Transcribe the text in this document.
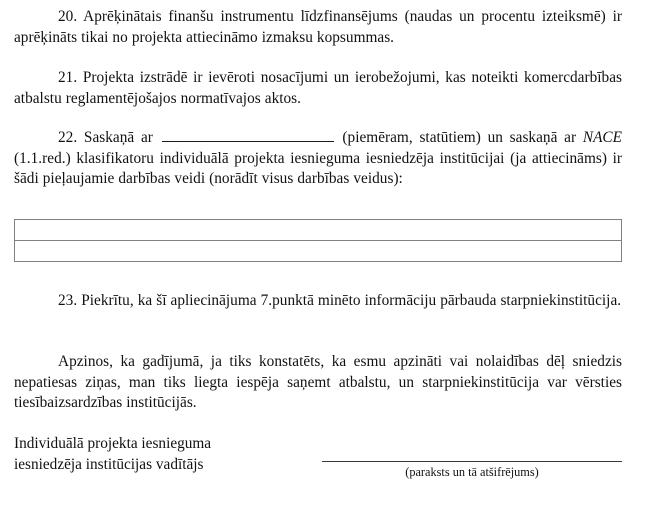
20. Aprēķinātais finanšu instrumentu līdzfinansējums (naudas un procentu izteiksmē) ir aprēķināts tikai no projekta attiecināmo izmaksu kopsummas.
21. Projekta izstrādē ir ievēroti nosacījumi un ierobežojumi, kas noteikti komercdarbības atbalstu reglamentējošajos normatīvajos aktos.
22. Saskaņā ar	(piemēram, statūtiem) un saskaņā ar NACE (1.1.red.) klasifikatoru individuālā projekta iesnieguma iesniedzēja institūcijai (ja attiecināms) ir šādi pieļaujamie darbības veidi (norādīt visus darbības veidus):

23. Piekrītu, ka šī apliecinājuma 7.punktā minēto informāciju pārbauda starpniekinstitūcija.
Apzinos, ka gadījumā, ja tiks konstatēts, ka esmu apzināti vai nolaidības dēļ sniedzis nepatiesas ziņas, man tiks liegta iespēja saņemt atbalstu, un starpniekinstitūcija var vērsties tiesībaizsardzības institūcijās.
Individuālā projekta iesnieguma
iesniedzēja institūcijas vadītājs	(paraksts un tā atšifrējums)
